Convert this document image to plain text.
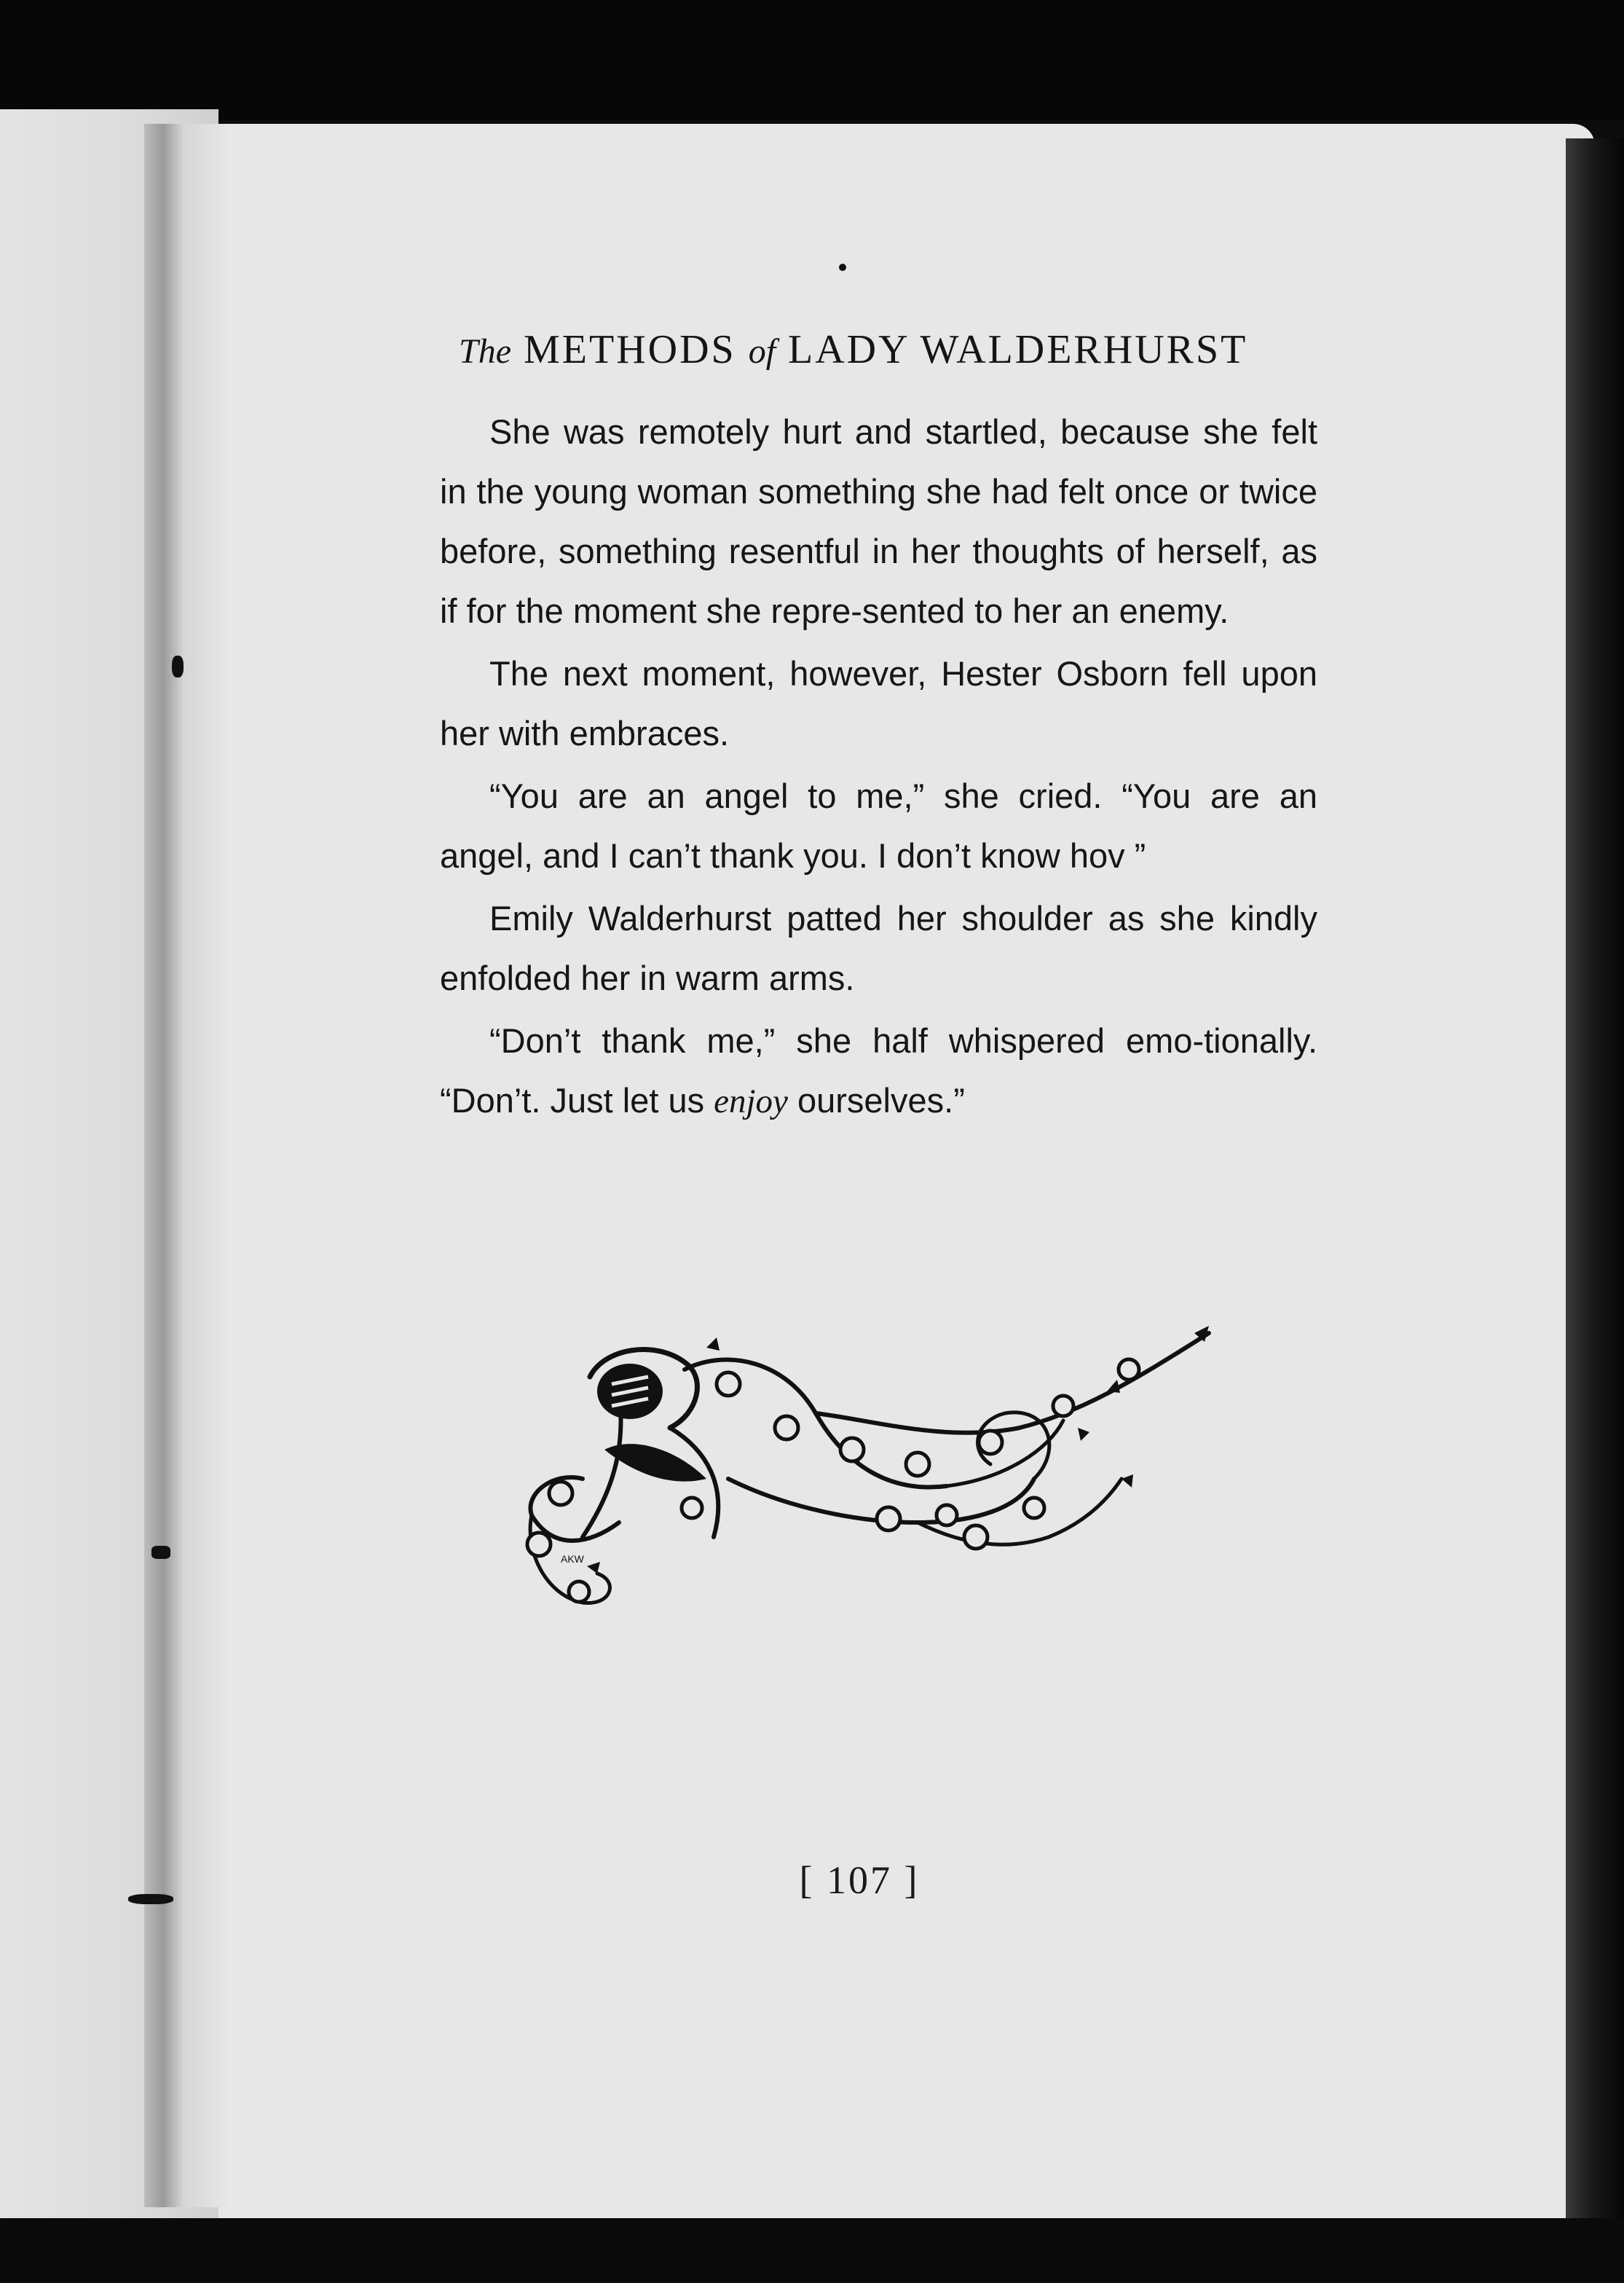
The METHODS of LADY WALDERHURST

She was remotely hurt and startled, because she felt in the young woman something she had felt once or twice before, something resentful in her thoughts of herself, as if for the moment she repre-sented to her an enemy.

The next moment, however, Hester Osborn fell upon her with embraces.

“You are an angel to me,” she cried. “You are an angel, and I can’t thank you. I don’t know hov ”

Emily Walderhurst patted her shoulder as she kindly enfolded her in warm arms.

“Don’t thank me,” she half whispered emo-tionally. “Don’t. Just let us enjoy ourselves.”

AKW
[ 107 ]
